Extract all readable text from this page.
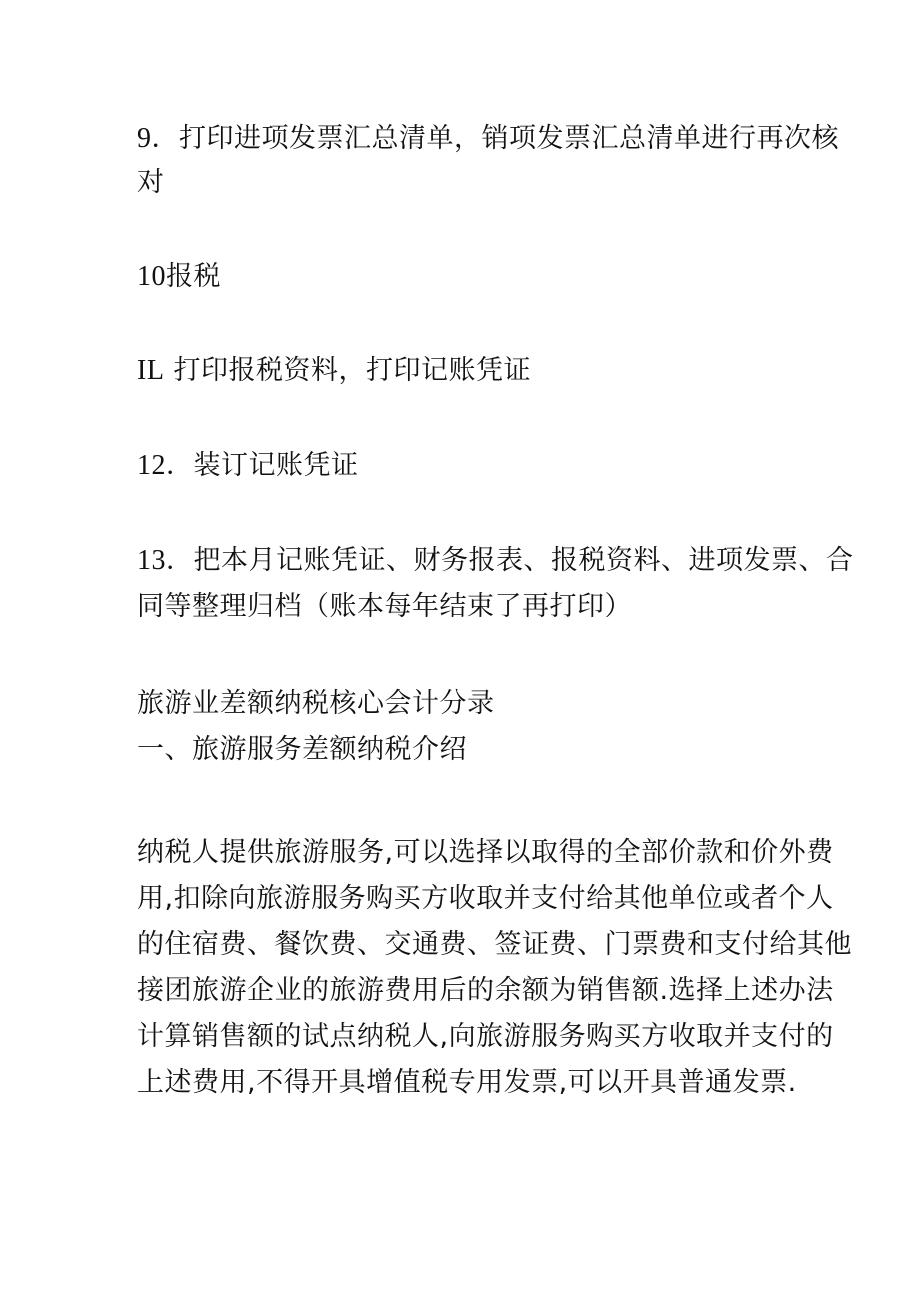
9．打印进项发票汇总清单，销项发票汇总清单进行再次核
对
10报税
IL 打印报税资料，打印记账凭证
12．装订记账凭证
13．把本月记账凭证、财务报表、报税资料、进项发票、合
同等整理归档（账本每年结束了再打印）
旅游业差额纳税核心会计分录
一、旅游服务差额纳税介绍
纳税人提供旅游服务,可以选择以取得的全部价款和价外费
用,扣除向旅游服务购买方收取并支付给其他单位或者个人
的住宿费、餐饮费、交通费、签证费、门票费和支付给其他
接团旅游企业的旅游费用后的余额为销售额.选择上述办法
计算销售额的试点纳税人,向旅游服务购买方收取并支付的
上述费用,不得开具增值税专用发票,可以开具普通发票.
